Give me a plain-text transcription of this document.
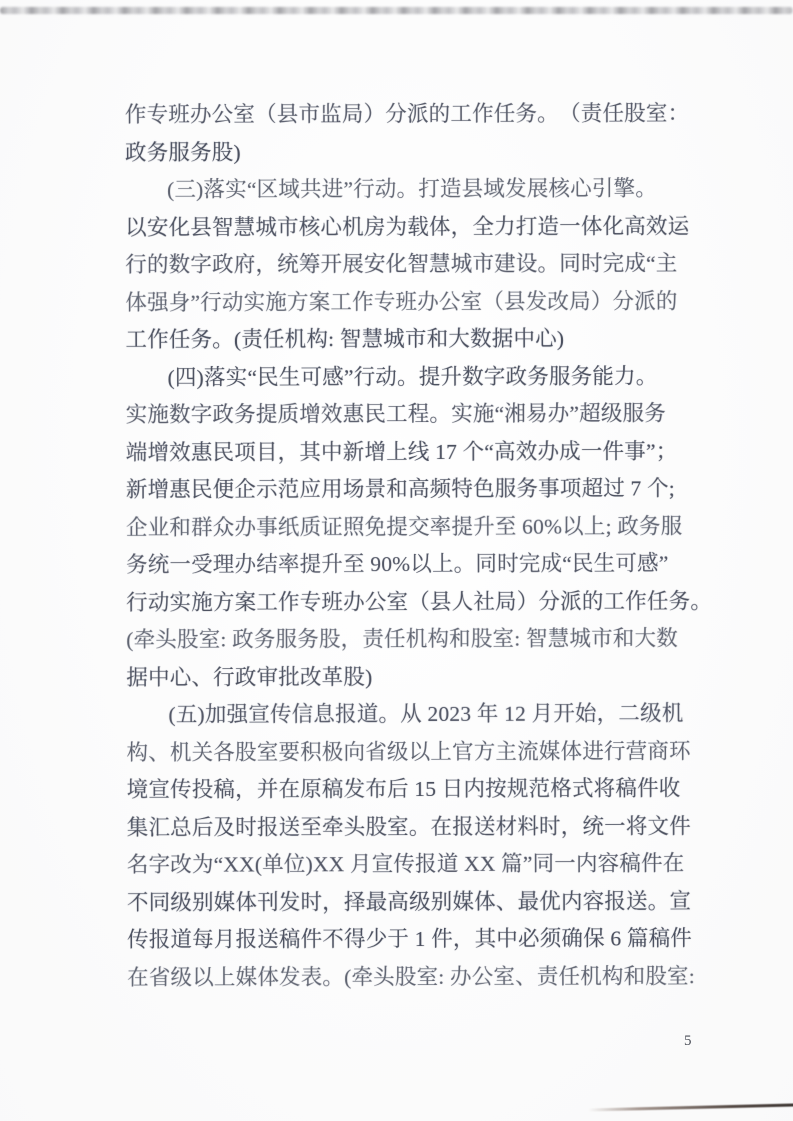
作专班办公室（县市监局）分派的工作任务。　（责任股室：
政务服务股)
(三)落实“区域共进”行动。打造县域发展核心引擎。
以安化县智慧城市核心机房为载体，全力打造一体化高效运
行的数字政府，统筹开展安化智慧城市建设。同时完成“主
体强身”行动实施方案工作专班办公室（县发改局）分派的
工作任务。(责任机构: 智慧城市和大数据中心)
(四)落实“民生可感”行动。提升数字政务服务能力。
实施数字政务提质增效惠民工程。实施“湘易办”超级服务
端增效惠民项目，其中新增上线 17 个“高效办成一件事”；
新增惠民便企示范应用场景和高频特色服务事项超过 7 个;
企业和群众办事纸质证照免提交率提升至 60%以上; 政务服
务统一受理办结率提升至 90%以上。同时完成“民生可感”
行动实施方案工作专班办公室（县人社局）分派的工作任务。
(牵头股室: 政务服务股，责任机构和股室: 智慧城市和大数
据中心、行政审批改革股)
(五)加强宣传信息报道。从 2023 年 12 月开始，二级机
构、机关各股室要积极向省级以上官方主流媒体进行营商环
境宣传投稿，并在原稿发布后 15 日内按规范格式将稿件收
集汇总后及时报送至牵头股室。在报送材料时，统一将文件
名字改为“XX(单位)XX 月宣传报道 XX 篇”同一内容稿件在
不同级别媒体刊发时，择最高级别媒体、最优内容报送。宣
传报道每月报送稿件不得少于 1 件，其中必须确保 6 篇稿件
在省级以上媒体发表。(牵头股室: 办公室、责任机构和股室:
5
